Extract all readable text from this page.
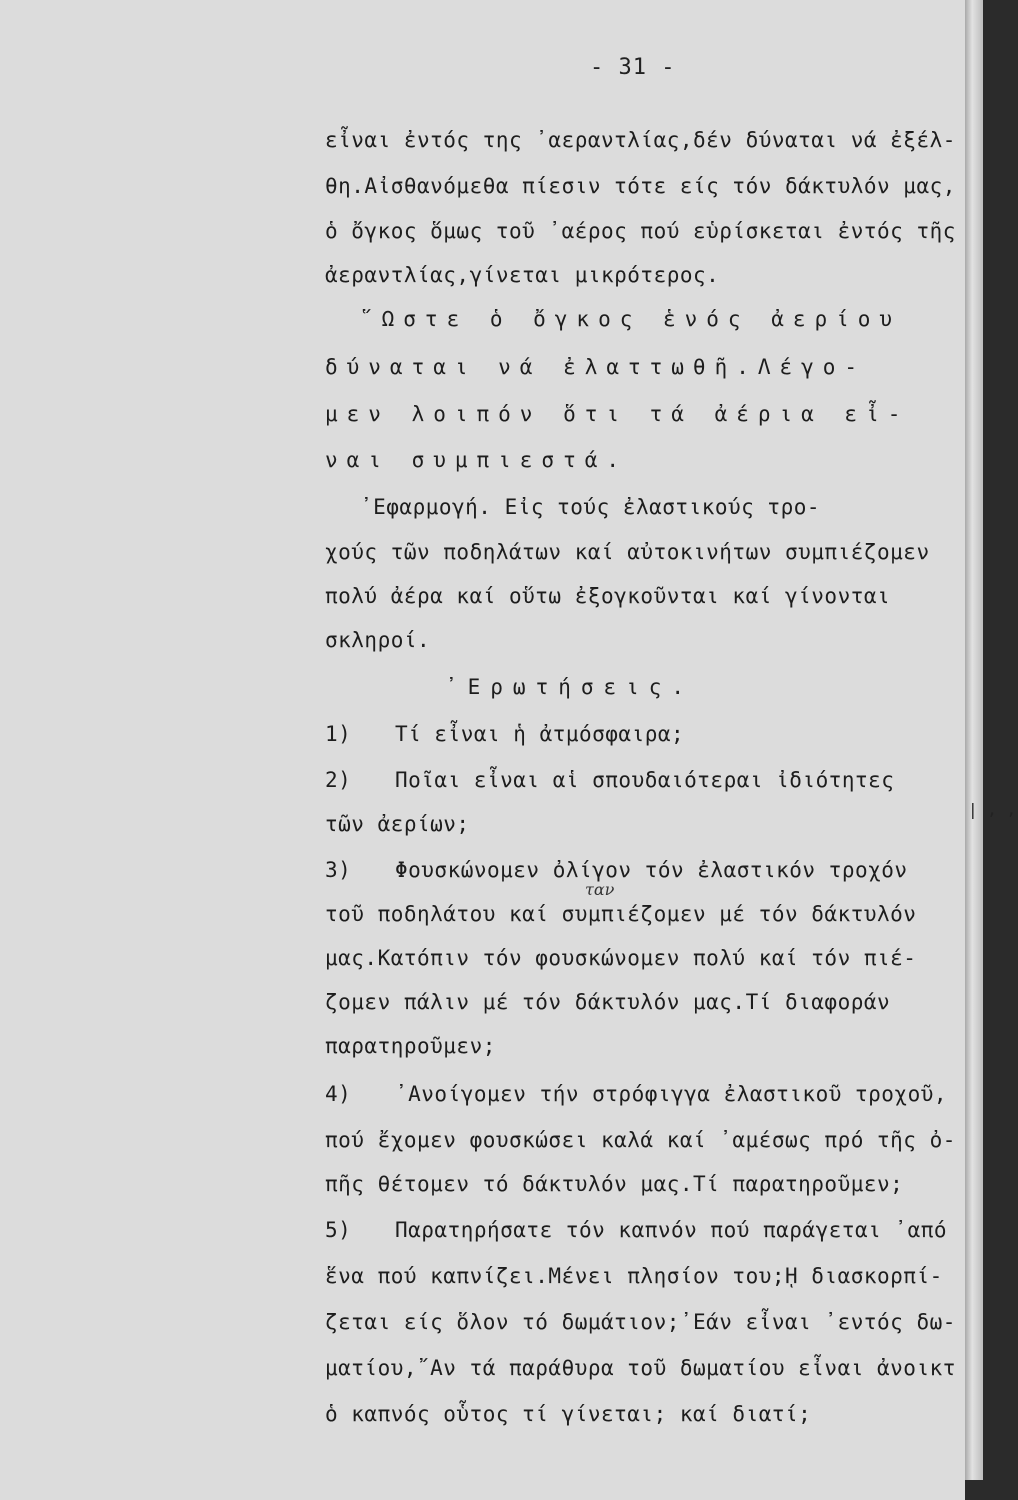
- 31 -
εἶναι ἐντός της ᾽αεραντλίας,δέν δύναται νά ἐξέλ-
θη.Αἰσθανόμεθα πίεσιν τότε είς τόν δάκτυλόν μας,
ὁ ὄγκος ὅμως τοῦ ᾽αέρος πού εὑρίσκεται ἐντός τῆς
ἀεραντλίας,γίνεται μικρότερος.
῞Ωστε ὁ ὄγκος ἑνός ἀερίου
δύναται νά ἐλαττωθῆ.Λέγο-
μεν λοιπόν ὅτι τά ἀέρια εἶ-
ναι συμπιεστά.
᾽Εφαρμογή. Εἰς τούς ἐλαστικούς τρο-
χούς τῶν ποδηλάτων καί αὐτοκινήτων συμπιέζομεν
πολύ ἀέρα καί οὕτω ἐξογκοῦνται καί γίνονται
σκληροί.
᾽Ερωτήσεις.
1) Τί εἶναι ἡ ἀτμόσφαιρα;
2) Ποῖαι εἶναι αἱ σπουδαιότεραι ἰδιότητες
τῶν ἀερίων;
3) Φουσκώνομεν ὀλίγον τόν ἐλαστικόν τροχόν
τοῦ ποδηλάτου καί συμπιέζομεν μέ τόν δάκτυλόν
μας.Κατόπιν τόν φουσκώνομεν πολύ καί τόν πιέ-
ζομεν πάλιν μέ τόν δάκτυλόν μας.Τί διαφοράν
παρατηροῦμεν;
4) ᾽Ανοίγομεν τήν στρόφιγγα ἐλαστικοῦ τροχοῦ,
πού ἔχομεν φουσκώσει καλά καί ᾽αμέσως πρό τῆς ὀ-
πῆς θέτομεν τό δάκτυλόν μας.Τί παρατηροῦμεν;
5) Παρατηρήσατε τόν καπνόν πού παράγεται ᾽από
ἕνα πού καπνίζει.Μένει πλησίον του;ῌ διασκορπί-
ζεται είς ὅλον τό δωμάτιον;᾽Εάν εἶναι ᾽εντός δω-
ματίου,῎Αν τά παράθυρα τοῦ δωματίου εἶναι ἀνοικτ
ὁ καπνός οὗτος τί γίνεται; καί διατί;
ταν
| , ,
